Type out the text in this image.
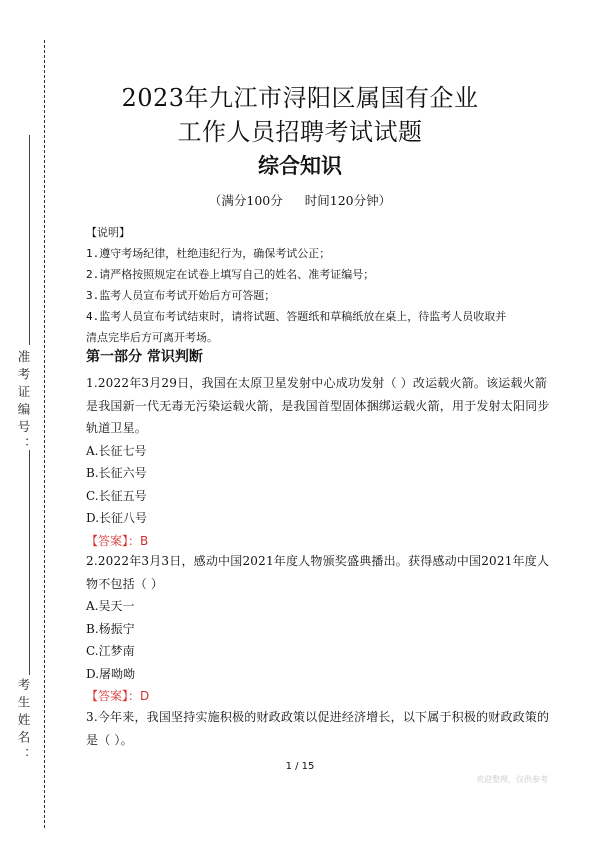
准考证编号：
考生姓名：
2023年九江市浔阳区属国有企业
工作人员招聘考试试题
综合知识
（满分100分 时间120分钟）
【说明】
1.遵守考场纪律，杜绝违纪行为，确保考试公正；
2.请严格按照规定在试卷上填写自己的姓名、准考证编号；
3.监考人员宣布考试开始后方可答题；
4.监考人员宣布考试结束时，请将试题、答题纸和草稿纸放在桌上，待监考人员收取并
清点完毕后方可离开考场。
第一部分 常识判断
1.2022年3月29日，我国在太原卫星发射中心成功发射（ ）改运载火箭。该运载火箭是我国新一代无毒无污染运载火箭，是我国首型固体捆绑运载火箭，用于发射太阳同步轨道卫星。
A.长征七号
B.长征六号
C.长征五号
D.长征八号
【答案】：B
2.2022年3月3日，感动中国2021年度人物颁奖盛典播出。获得感动中国2021年度人物不包括（ ）
A.吴天一
B.杨振宁
C.江梦南
D.屠呦呦
【答案】：D
3.今年来，我国坚持实施积极的财政政策以促进经济增长，以下属于积极的财政政策的是（ ）。
1 / 15
欢迎整理，仅供参考
